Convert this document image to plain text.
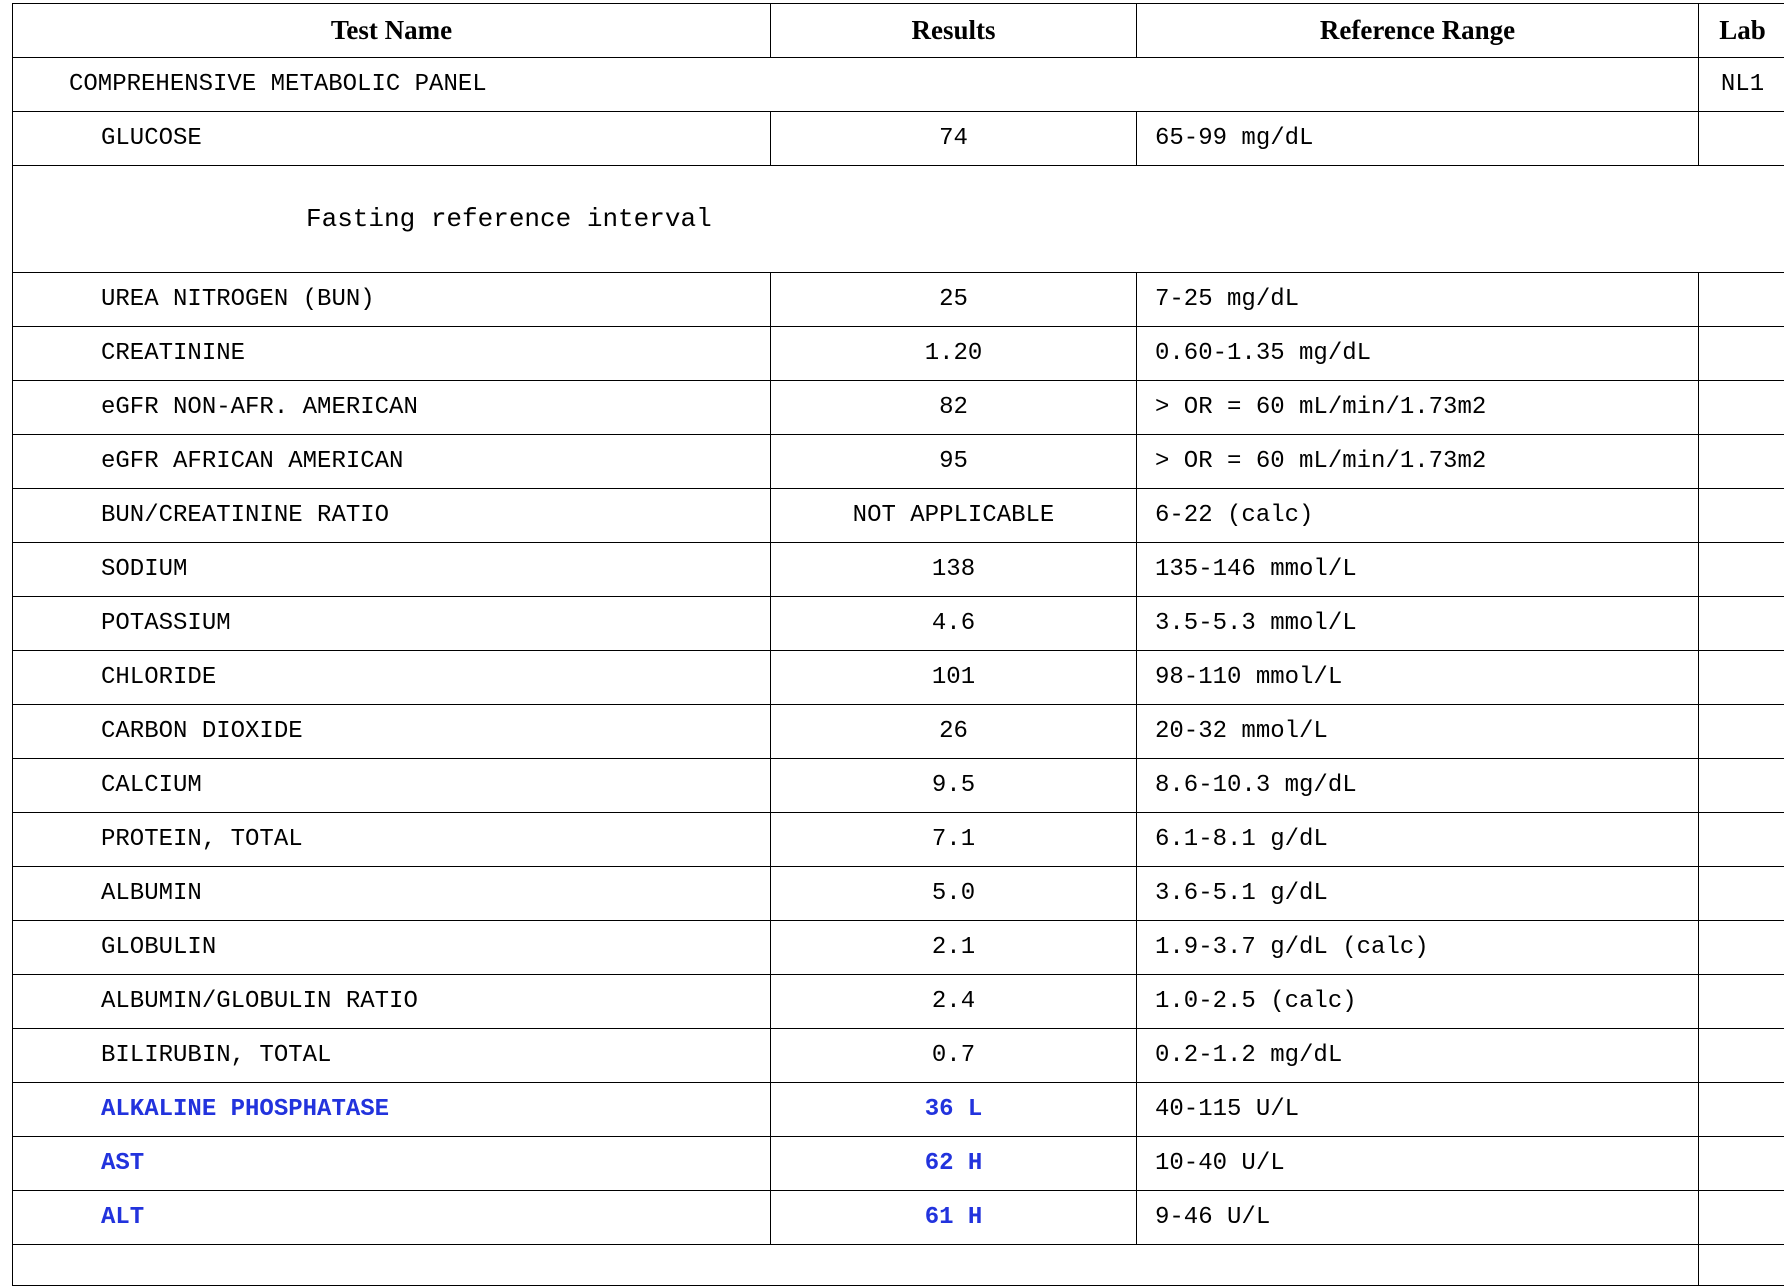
Test Name	Results	Reference Range	Lab
COMPREHENSIVE METABOLIC PANEL			NL1
GLUCOSE	74	65-99 mg/dL	
Fasting reference interval			
UREA NITROGEN (BUN)	25	7-25 mg/dL	
CREATININE	1.20	0.60-1.35 mg/dL	
eGFR NON-AFR. AMERICAN	82	> OR = 60 mL/min/1.73m2	
eGFR AFRICAN AMERICAN	95	> OR = 60 mL/min/1.73m2	
BUN/CREATININE RATIO	NOT APPLICABLE	6-22 (calc)	
SODIUM	138	135-146 mmol/L	
POTASSIUM	4.6	3.5-5.3 mmol/L	
CHLORIDE	101	98-110 mmol/L	
CARBON DIOXIDE	26	20-32 mmol/L	
CALCIUM	9.5	8.6-10.3 mg/dL	
PROTEIN, TOTAL	7.1	6.1-8.1 g/dL	
ALBUMIN	5.0	3.6-5.1 g/dL	
GLOBULIN	2.1	1.9-3.7 g/dL (calc)	
ALBUMIN/GLOBULIN RATIO	2.4	1.0-2.5 (calc)	
BILIRUBIN, TOTAL	0.7	0.2-1.2 mg/dL	
ALKALINE PHOSPHATASE	36 L	40-115 U/L	
AST	62 H	10-40 U/L	
ALT	61 H	9-46 U/L	
